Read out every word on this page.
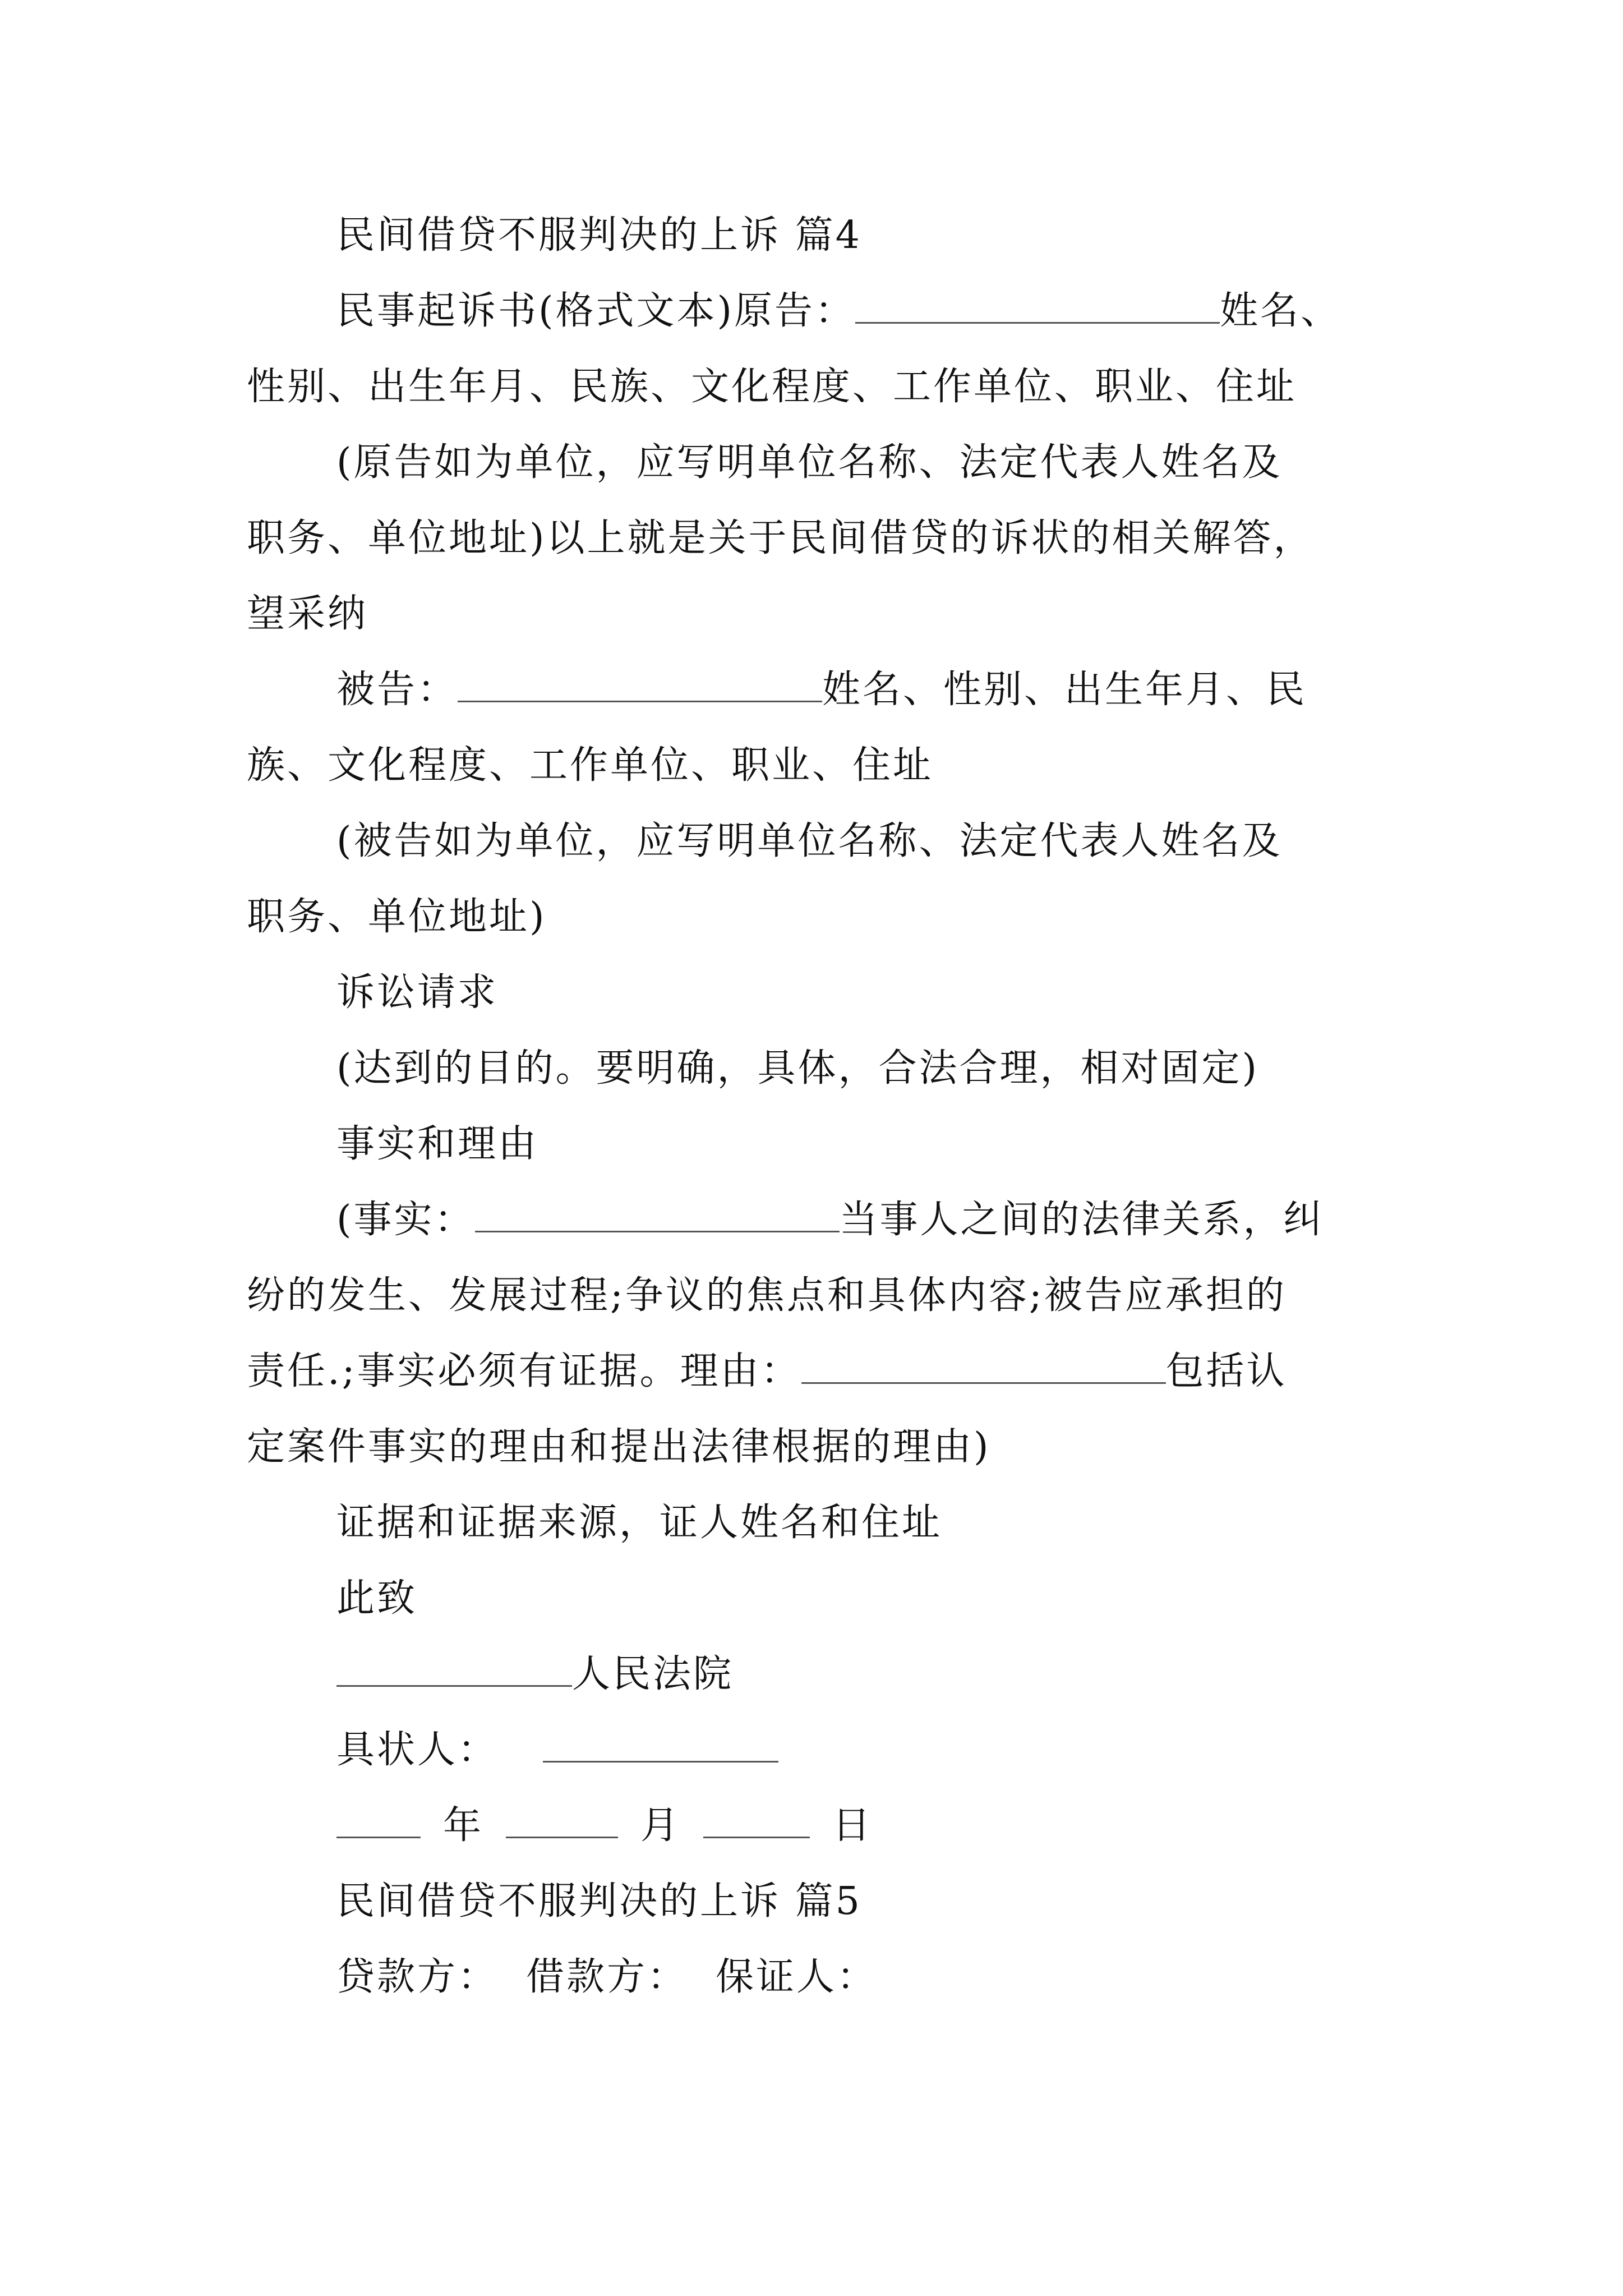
民间借贷不服判决的上诉 篇4
民事起诉书(格式文本)原告：	姓名、
性别、出生年月、民族、文化程度、工作单位、职业、住址
(原告如为单位，应写明单位名称、法定代表人姓名及
职务、单位地址)以上就是关于民间借贷的诉状的相关解答，
望采纳
被告：	姓名、性别、出生年月、民
族、文化程度、工作单位、职业、住址
(被告如为单位，应写明单位名称、法定代表人姓名及
职务、单位地址)
诉讼请求
(达到的目的。要明确，具体，合法合理，相对固定)
事实和理由
(事实：	当事人之间的法律关系，纠
纷的发生、发展过程;争议的焦点和具体内容;被告应承担的
责任.;事实必须有证据。理由：	包括认
定案件事实的理由和提出法律根据的理由)
证据和证据来源，证人姓名和住址
此致
人民法院
具状人：
年	月	日
民间借贷不服判决的上诉 篇5
贷款方： 借款方： 保证人：
